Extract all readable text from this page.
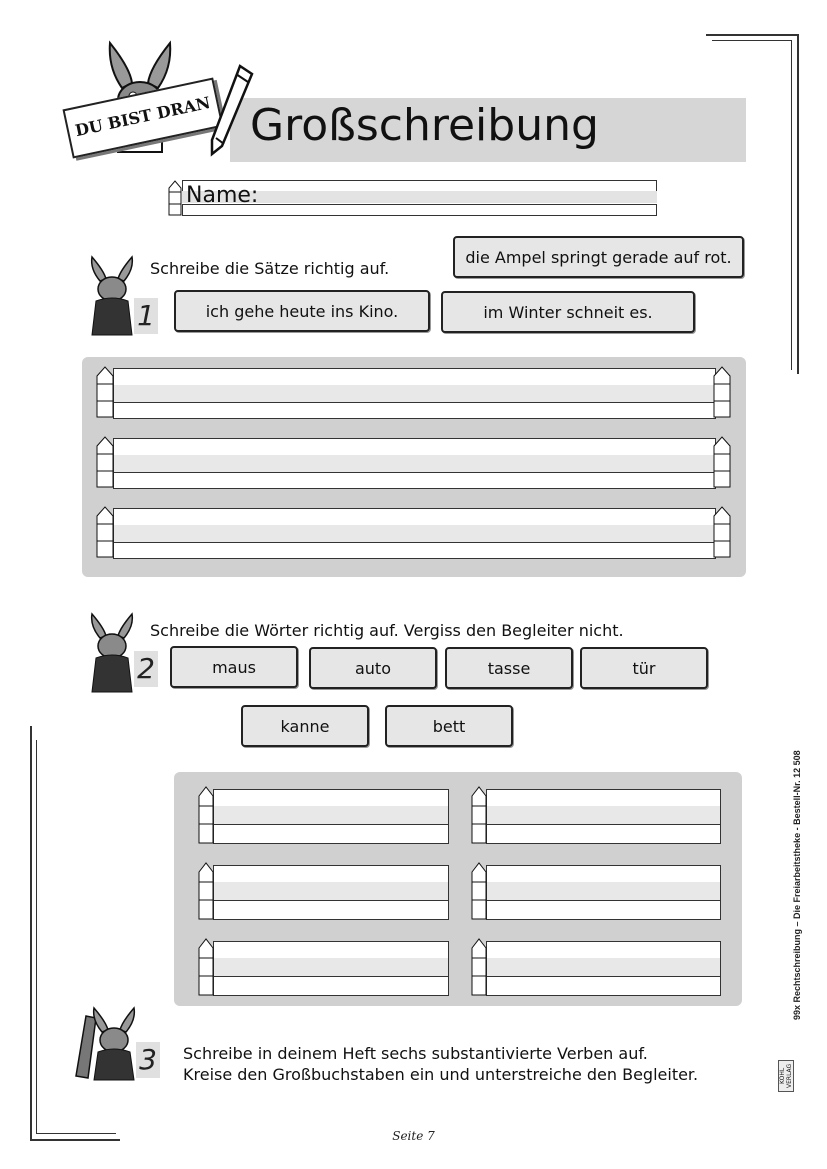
DU BIST DRAN Großschreibung
Name:
1
Schreibe die Sätze richtig auf.
die Ampel springt gerade auf rot.
ich gehe heute ins Kino.	im Winter schneit es.
2
Schreibe die Wörter richtig auf. Vergiss den Begleiter nicht.
maus	auto	tasse	tür
kanne	bett
3 Schreibe in deinem Heft sechs substantivierte Verben auf.
Kreise den Großbuchstaben ein und unterstreiche den Begleiter.
99x Rechtschreibung – Die Freiarbeitstheke - Bestell-Nr. 12 508
KOHL VERLAG
Seite 7
